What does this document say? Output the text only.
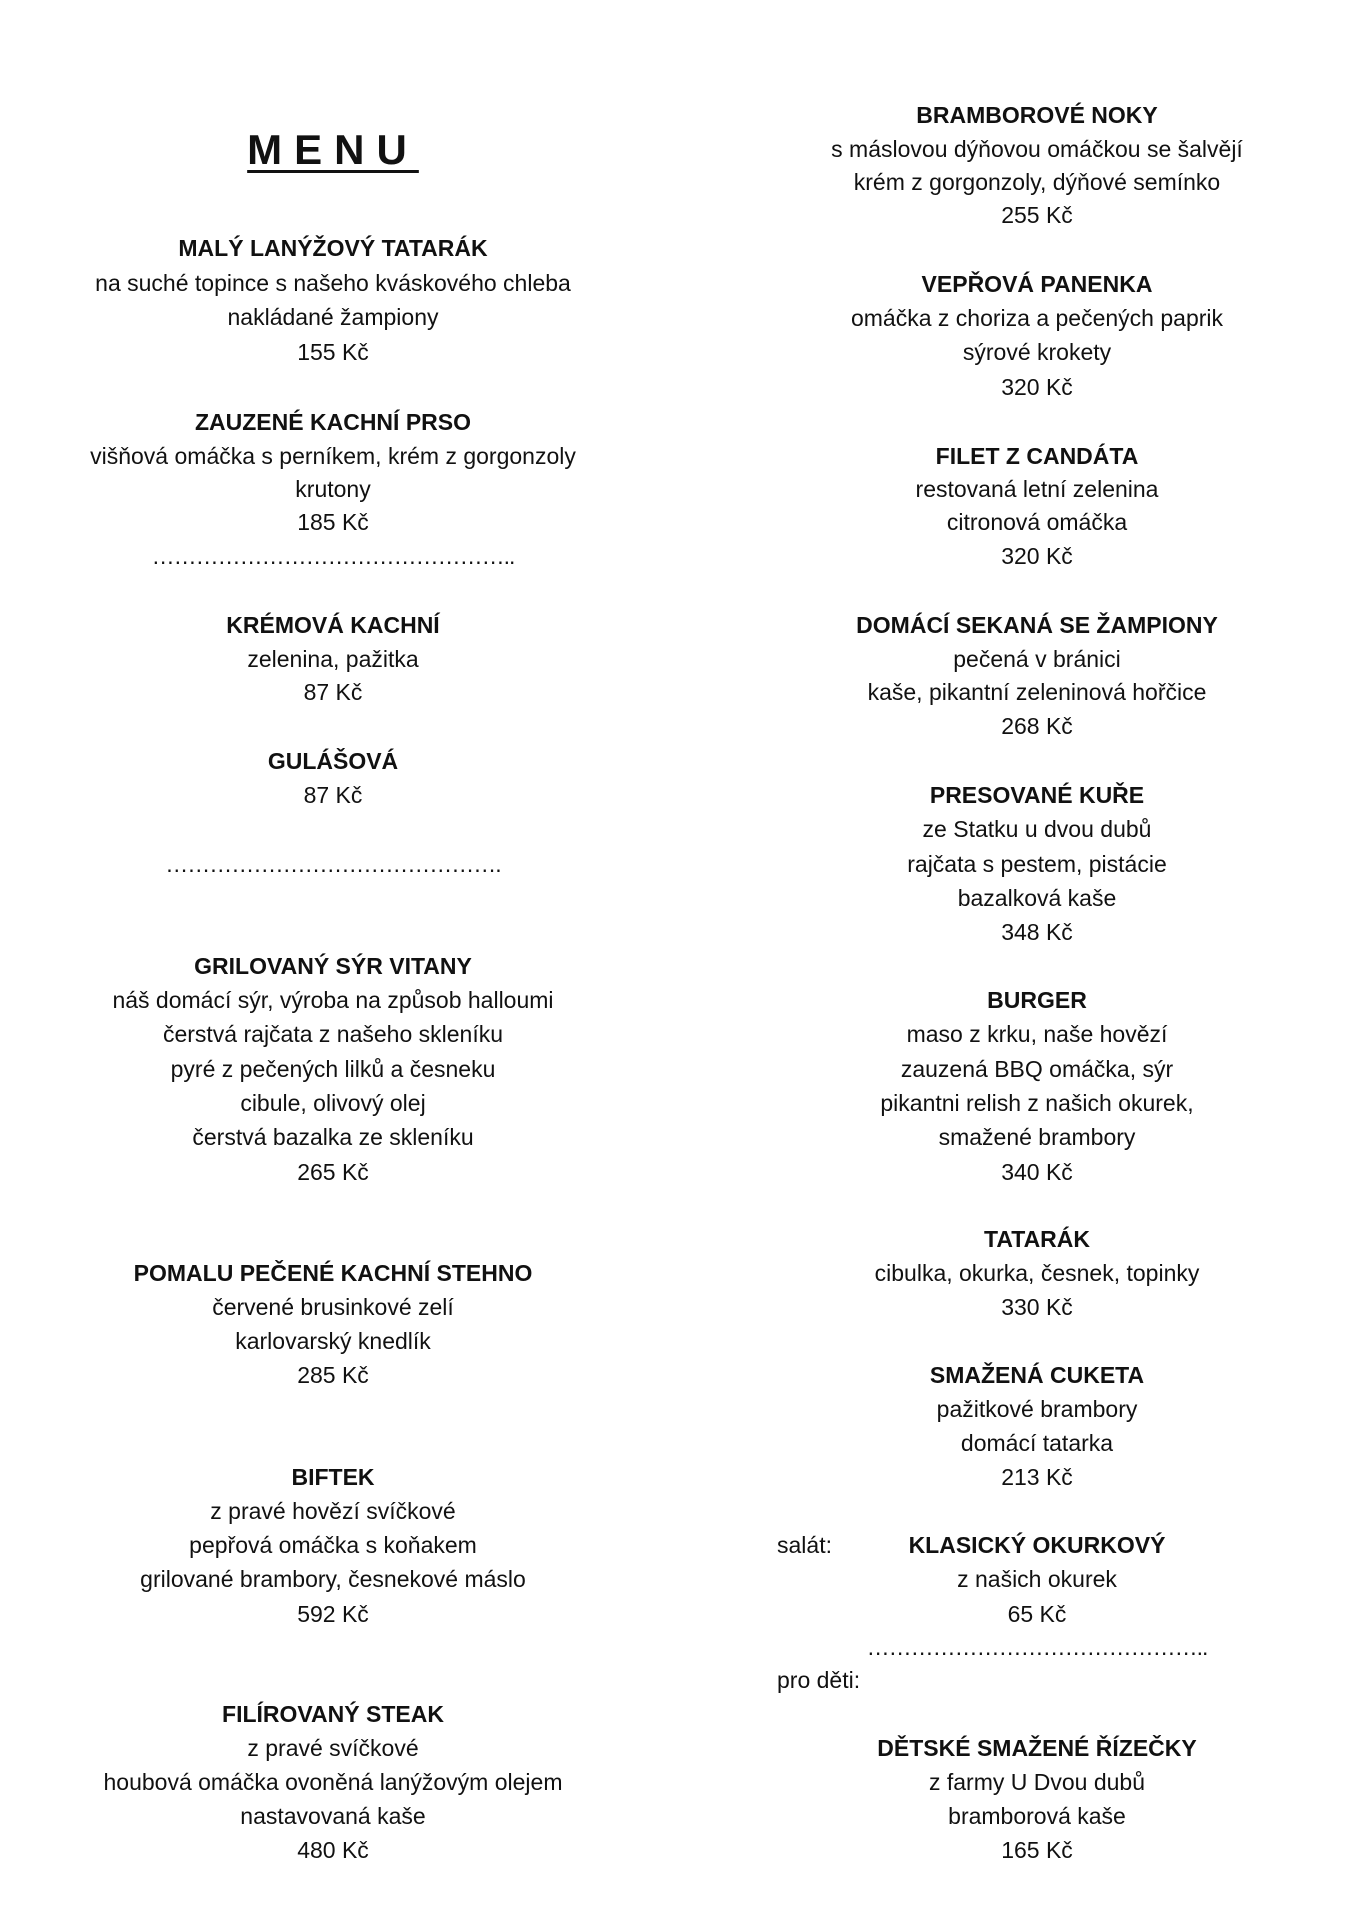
MENU
MALÝ LANÝŽOVÝ TATARÁK
na suché topince s našeho kváskového chleba
nakládané žampiony
155 Kč
ZAUZENÉ KACHNÍ PRSO
višňová omáčka s perníkem, krém z gorgonzoly
krutony
185 Kč
…………………………………………..
KRÉMOVÁ KACHNÍ
zelenina, pažitka
87 Kč
GULÁŠOVÁ
87 Kč
……………………………………….
GRILOVANÝ SÝR VITANY
náš domácí sýr, výroba na způsob halloumi
čerstvá rajčata z našeho skleníku
pyré z pečených lilků a česneku
cibule, olivový olej
čerstvá bazalka ze skleníku
265 Kč
POMALU PEČENÉ KACHNÍ STEHNO
červené brusinkové zelí
karlovarský knedlík
285 Kč
BIFTEK
z pravé hovězí svíčkové
pepřová omáčka s koňakem
grilované brambory, česnekové máslo
592 Kč
FILÍROVANÝ STEAK
z pravé svíčkové
houbová omáčka ovoněná lanýžovým olejem
nastavovaná kaše
480 Kč
BRAMBOROVÉ NOKY
s máslovou dýňovou omáčkou se šalvějí
krém z gorgonzoly, dýňové semínko
255 Kč
VEPŘOVÁ PANENKA
omáčka z choriza a pečených paprik
sýrové krokety
320 Kč
FILET Z CANDÁTA
restovaná letní zelenina
citronová omáčka
320 Kč
DOMÁCÍ SEKANÁ SE ŽAMPIONY
pečená v bránici
kaše, pikantní zeleninová hořčice
268 Kč
PRESOVANÉ KUŘE
ze Statku u dvou dubů
rajčata s pestem, pistácie
bazalková kaše
348 Kč
BURGER
maso z krku, naše hovězí
zauzená BBQ omáčka, sýr
pikantni relish z našich okurek,
smažené brambory
340 Kč
TATARÁK
cibulka, okurka, česnek, topinky
330 Kč
SMAŽENÁ CUKETA
pažitkové brambory
domácí tatarka
213 Kč
salát:	KLASICKÝ OKURKOVÝ
z našich okurek
65 Kč
………………………………………..
pro děti:
DĚTSKÉ SMAŽENÉ ŘÍZEČKY
z farmy U Dvou dubů
bramborová kaše
165 Kč
